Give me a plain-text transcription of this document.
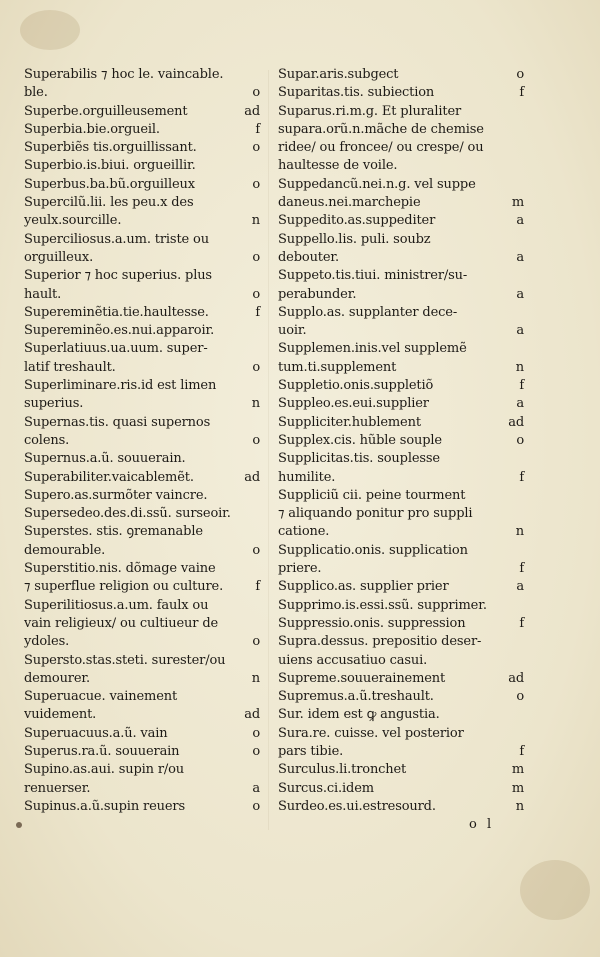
Superabilis ⁊ hoc le. vaincable.
ble.	o
Superbe.orguilleusement	ad
Superbia.bie.orgueil.	f
Superbiẽs tis.orguillissant.	o
Superbio.is.biui. orgueillir.
Superbus.ba.bũ.orguilleux	o
Supercilũ.lii. les peu.x des
yeulx.sourcille.	n
Superciliosus.a.um. triste ou
orguilleux.	o
Superior ⁊ hoc superius. plus
hault.	o
Supereminẽtia.tie.haultesse.	f
Supereminẽo.es.nui.apparoir.
Superlatiuus.ua.uum. super-
latif treshault.	o
Superliminare.ris.id est limen
superius.	n
Supernas.tis. quasi supernos
colens.	o
Supernus.a.ũ. souuerain.
Superabiliter.vaicablemẽt.	ad
Supero.as.surmõter vaincre.
Supersedeo.des.di.ssũ. surseoir.
Superstes. stis. ꝯremanable
demourable.	o
Superstitio.nis. dõmage vaine
⁊ superflue religion ou culture.	f
Superilitiosus.a.um. faulx ou
vain religieux/ ou cultiueur de
ydoles.	o
Supersto.stas.steti. surester/ou
demourer.	n
Superuacue. vainement
vuidement.	ad
Superuacuus.a.ũ. vain	o
Superus.ra.ũ. souuerain	o
Supino.as.aui. supin r/ou
renuerser.	a
Supinus.a.ũ.supin reuers	o
Supar.aris.subgect	o
Suparitas.tis. subiection	f
Suparus.ri.m.g. Et pluraliter
supara.orũ.n.mãche de chemise
ridee/ ou froncee/ ou crespe/ ou
haultesse de voile.
Suppedancũ.nei.n.g. vel suppe
daneus.nei.marchepie	m
Suppedito.as.suppediter	a
Suppello.lis. puli. soubz
debouter.	a
Suppeto.tis.tiui. ministrer/su-
perabunder.	a
Supplo.as. supplanter dece-
uoir.	a
Supplemen.inis.vel supplemẽ
tum.ti.supplement	n
Suppletio.onis.suppletiõ	f
Suppleo.es.eui.supplier	a
Suppliciter.hublement	ad
Supplex.cis. hũble souple	o
Supplicitas.tis. souplesse
humilite.	f
Suppliciũ cii. peine tourment
⁊ aliquando ponitur pro suppli
catione.	n
Supplicatio.onis. supplication
priere.	f
Supplico.as. supplier prier	a
Supprimo.is.essi.ssũ. supprimer.
Suppressio.onis. suppression	f
Supra.dessus. prepositio deser-
uiens accusatiuo casui.
Supreme.souuerainement	ad
Supremus.a.ũ.treshault.	o
Sur. idem est ꝙ angustia.
Sura.re. cuisse. vel posterior
pars tibie.	f
Surculus.li.tronchet	m
Surcus.ci.idem	m
Surdeo.es.ui.estresourd.	n
o l
